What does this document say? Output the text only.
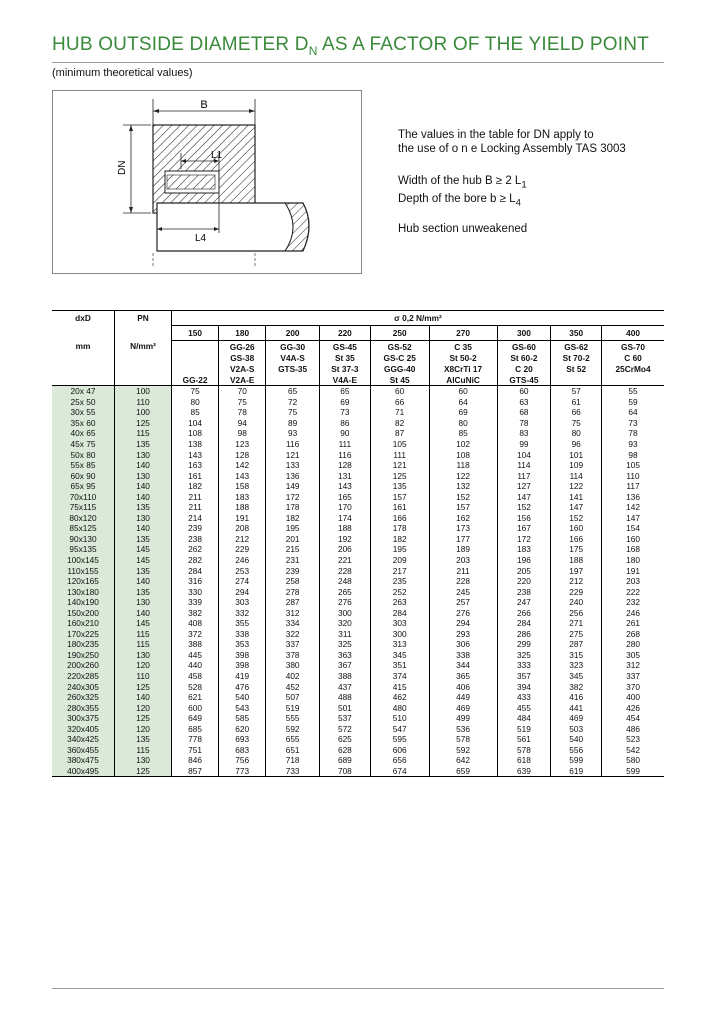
HUB OUTSIDE DIAMETER $D_N$ AS A FACTOR OF THE YIELD POINT
(minimum theoretical values)
B
L1
DN
L4

The values in the table for DN apply to

the use of o n e Locking Assembly TAS 3003

Width of the hub B ≥ 2 $L_1$

Depth of the bore $b \ge L_4$

Hub section unweakened

dxD	PN	σ 0,2 N/mm²								
		150	180	200	220	250	270	300	350	400
mm	N/mm²		GG-26	GG-30	GS-45	GS-52	C 35	GS-60	GS-62	GS-70
			GS-38	V4A-S	St 35	GS-C 25	St 50-2	St 60-2	St 70-2	C 60
			V2A-S	GTS-35	St 37-3	GGG-40	X8CrTi 17	C 20	St 52	25CrMo4
		GG-22	V2A-E		V4A-E	St 45	AlCuNiC	GTS-45		
20x 47	100	75	70	65	65	60	60	60	57	55
25x 50	110	80	75	72	69	66	64	63	61	59
30x 55	100	85	78	75	73	71	69	68	66	64
35x 60	125	104	94	89	86	82	80	78	75	73
40x 65	115	108	98	93	90	87	85	83	80	78
45x 75	135	138	123	116	111	105	102	99	96	93
50x 80	130	143	128	121	116	111	108	104	101	98
55x 85	140	163	142	133	128	121	118	114	109	105
60x 90	130	161	143	136	131	125	122	117	114	110
65x 95	140	182	158	149	143	135	132	127	122	117
70x110	140	211	183	172	165	157	152	147	141	136
75x115	135	211	188	178	170	161	157	152	147	142
80x120	130	214	191	182	174	166	162	156	152	147
85x125	140	239	208	195	188	178	173	167	160	154
90x130	135	238	212	201	192	182	177	172	166	160
95x135	145	262	229	215	206	195	189	183	175	168
100x145	145	282	246	231	221	209	203	196	188	180
110x155	135	284	253	239	228	217	211	205	197	191
120x165	140	316	274	258	248	235	228	220	212	203
130x180	135	330	294	278	265	252	245	238	229	222
140x190	130	339	303	287	276	263	257	247	240	232
150x200	140	382	332	312	300	284	276	266	256	246
160x210	145	408	355	334	320	303	294	284	271	261
170x225	115	372	338	322	311	300	293	286	275	268
180x235	115	388	353	337	325	313	306	299	287	280
190x250	130	445	398	378	363	345	338	325	315	305
200x260	120	440	398	380	367	351	344	333	323	312
220x285	110	458	419	402	388	374	365	357	345	337
240x305	125	528	476	452	437	415	406	394	382	370
260x325	140	621	540	507	488	462	449	433	416	400
280x355	120	600	543	519	501	480	469	455	441	426
300x375	125	649	585	555	537	510	499	484	469	454
320x405	120	685	620	592	572	547	536	519	503	486
340x425	135	778	693	655	625	595	578	561	540	523
360x455	115	751	683	651	628	606	592	578	556	542
380x475	130	846	756	718	689	656	642	618	599	580
400x495	125	857	773	733	708	674	659	639	619	599
